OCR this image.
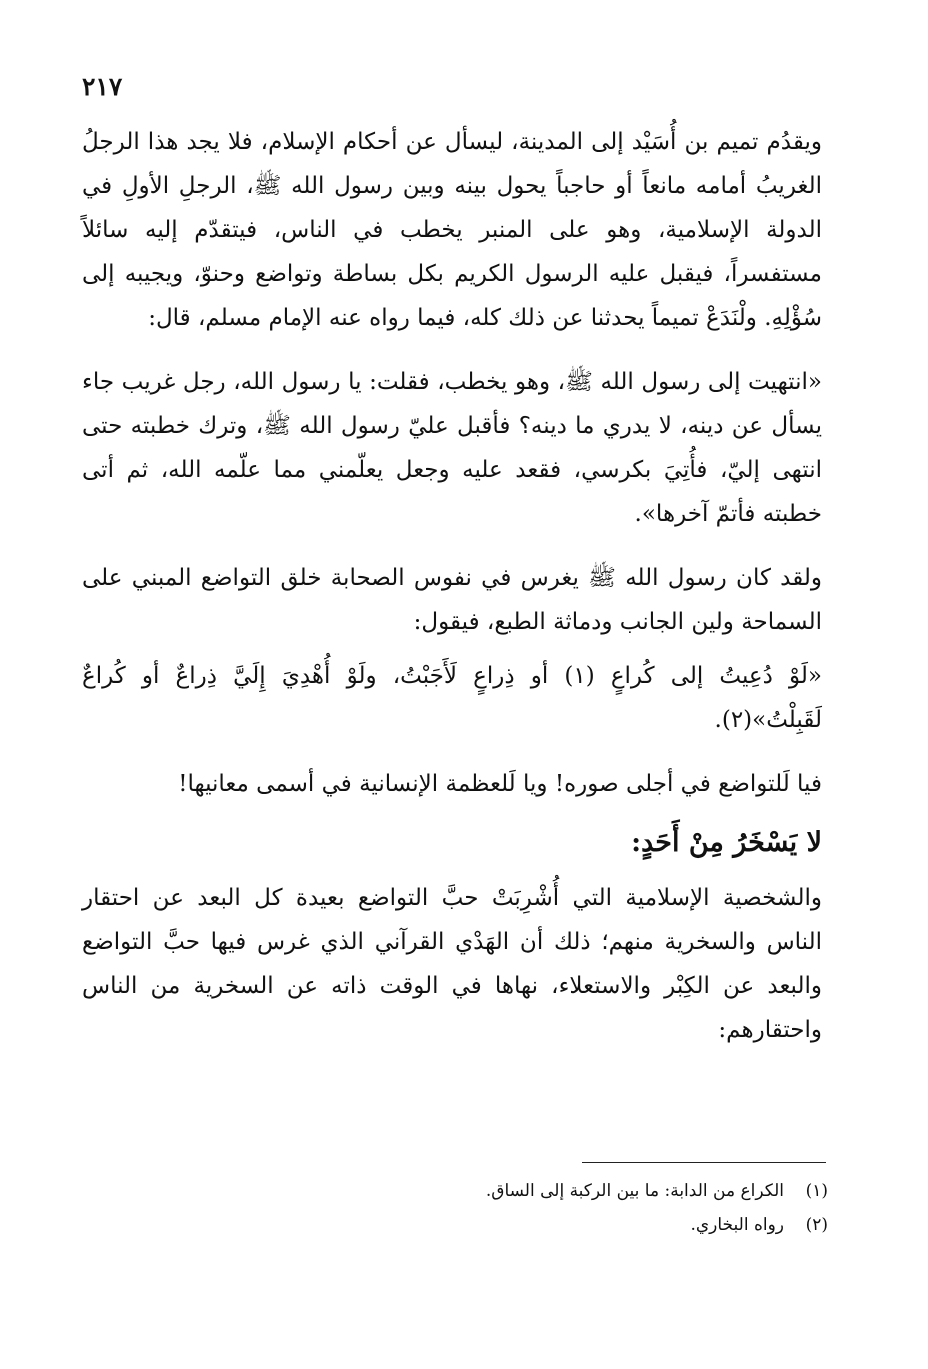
٢١٧

ويقدُم تميم بن أُسَيْد إلى المدينة، ليسأل عن أحكام الإسلام، فلا يجد هذا الرجلُ الغريبُ أمامه مانعاً أو حاجباً يحول بينه وبين رسول الله ﷺ، الرجلِ الأولِ في الدولة الإسلامية، وهو على المنبر يخطب في الناس، فيتقدّم إليه سائلاً مستفسراً، فيقبل عليه الرسول الكريم بكل بساطة وتواضع وحنوّ، ويجيبه إلى سُؤْلِهِ. ولْنَدَعْ تميماً يحدثنا عن ذلك كله، فيما رواه عنه الإمام مسلم، قال:

«انتهيت إلى رسول الله ﷺ، وهو يخطب، فقلت: يا رسول الله، رجل غريب جاء يسأل عن دينه، لا يدري ما دينه؟ فأقبل عليّ رسول الله ﷺ، وترك خطبته حتى انتهى إليّ، فأُتِيَ بكرسي، فقعد عليه وجعل يعلّمني مما علّمه الله، ثم أتى خطبته فأتمّ آخرها».

ولقد كان رسول الله ﷺ يغرس في نفوس الصحابة خلق التواضع المبني على السماحة ولين الجانب ودماثة الطبع، فيقول:

«لَوْ دُعِيتُ إلى كُراعٍ (١) أو ذِراعٍ لَأَجَبْتُ، ولَوْ أُهْدِيَ إِلَيَّ ذِراعٌ أو كُراعٌ لَقَبِلْتُ»(٢).

فيا لَلتواضع في أجلى صوره! ويا لَلعظمة الإنسانية في أسمى معانيها!

لا يَسْخَرُ مِنْ أَحَدٍ:

والشخصية الإسلامية التي أُشْرِبَتْ حبَّ التواضع بعيدة كل البعد عن احتقار الناس والسخرية منهم؛ ذلك أن الهَدْي القرآني الذي غرس فيها حبَّ التواضع والبعد عن الكِبْر والاستعلاء، نهاها في الوقت ذاته عن السخرية من الناس واحتقارهم:

(١)
الكراع من الدابة: ما بين الركبة إلى الساق.
(٢)
رواه البخاري.
